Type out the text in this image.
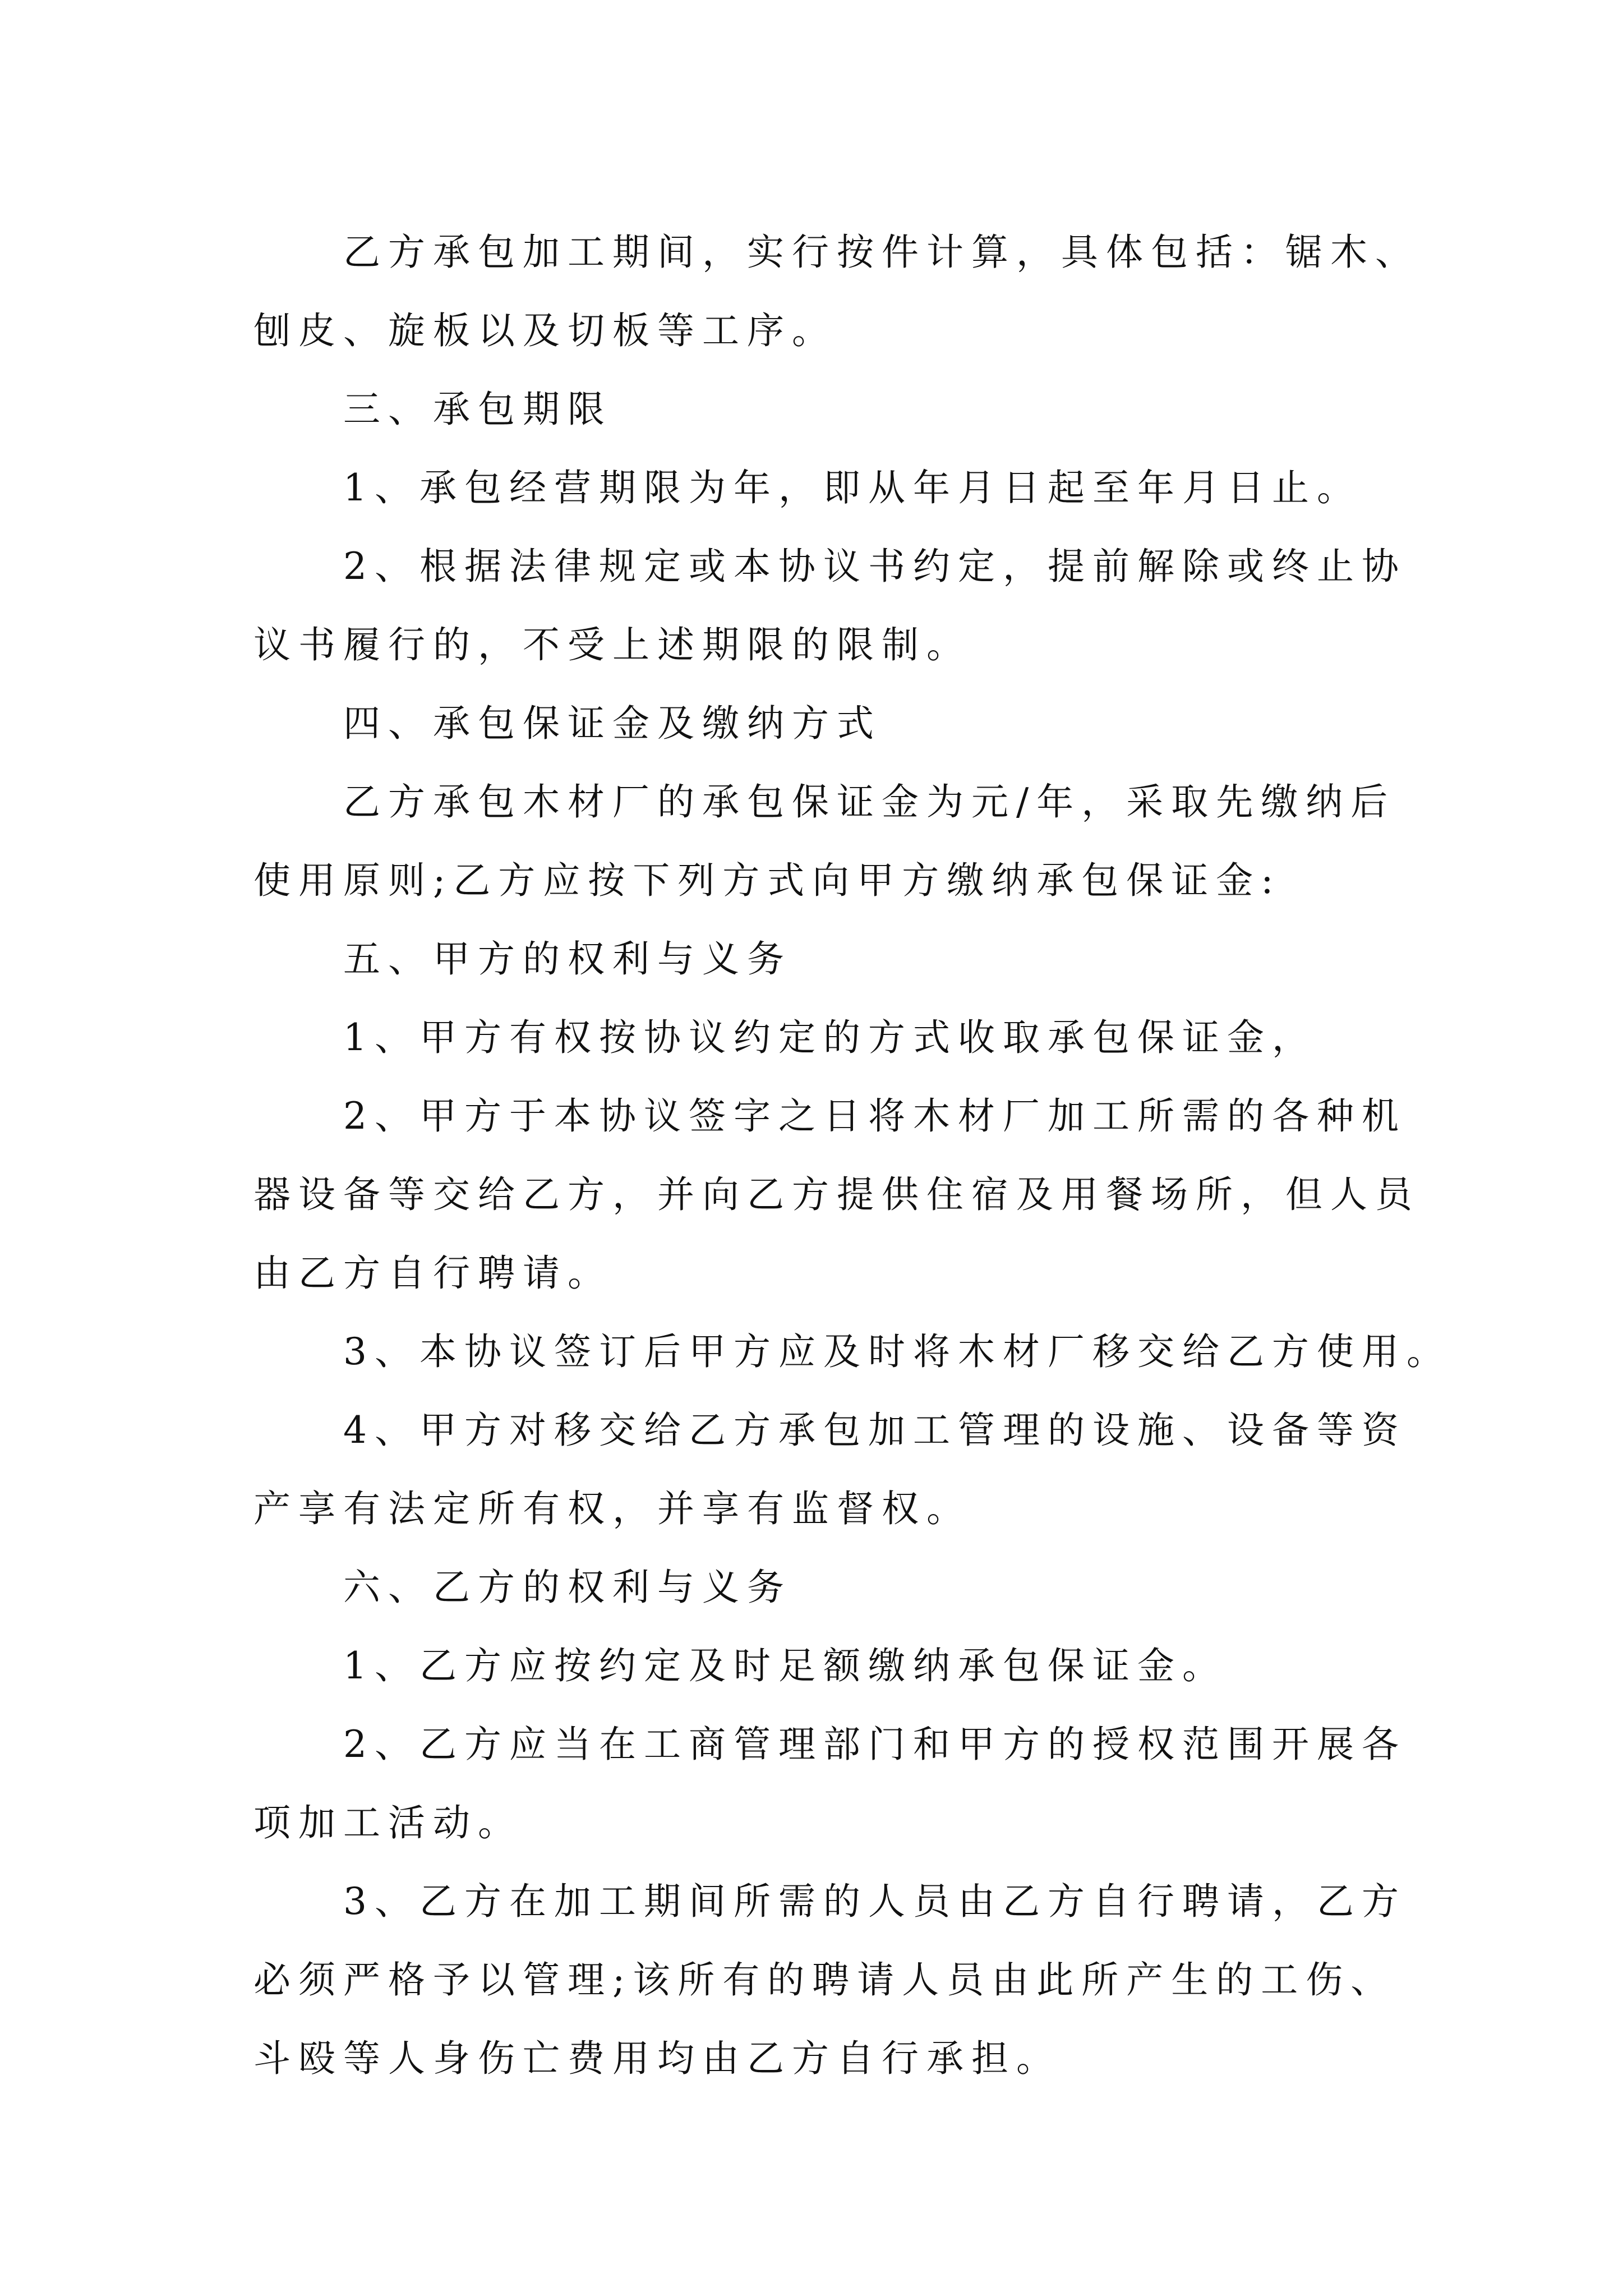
乙方承包加工期间，实行按件计算，具体包括：锯木、
刨皮、旋板以及切板等工序。
三、承包期限
1、承包经营期限为年，即从年月日起至年月日止。
2、根据法律规定或本协议书约定，提前解除或终止协
议书履行的，不受上述期限的限制。
四、承包保证金及缴纳方式
乙方承包木材厂的承包保证金为元/年，采取先缴纳后
使用原则;乙方应按下列方式向甲方缴纳承包保证金:
五、甲方的权利与义务
1、甲方有权按协议约定的方式收取承包保证金，
2、甲方于本协议签字之日将木材厂加工所需的各种机
器设备等交给乙方，并向乙方提供住宿及用餐场所，但人员
由乙方自行聘请。
3、本协议签订后甲方应及时将木材厂移交给乙方使用。
4、甲方对移交给乙方承包加工管理的设施、设备等资
产享有法定所有权，并享有监督权。
六、乙方的权利与义务
1、乙方应按约定及时足额缴纳承包保证金。
2、乙方应当在工商管理部门和甲方的授权范围开展各
项加工活动。
3、乙方在加工期间所需的人员由乙方自行聘请，乙方
必须严格予以管理;该所有的聘请人员由此所产生的工伤、
斗殴等人身伤亡费用均由乙方自行承担。
